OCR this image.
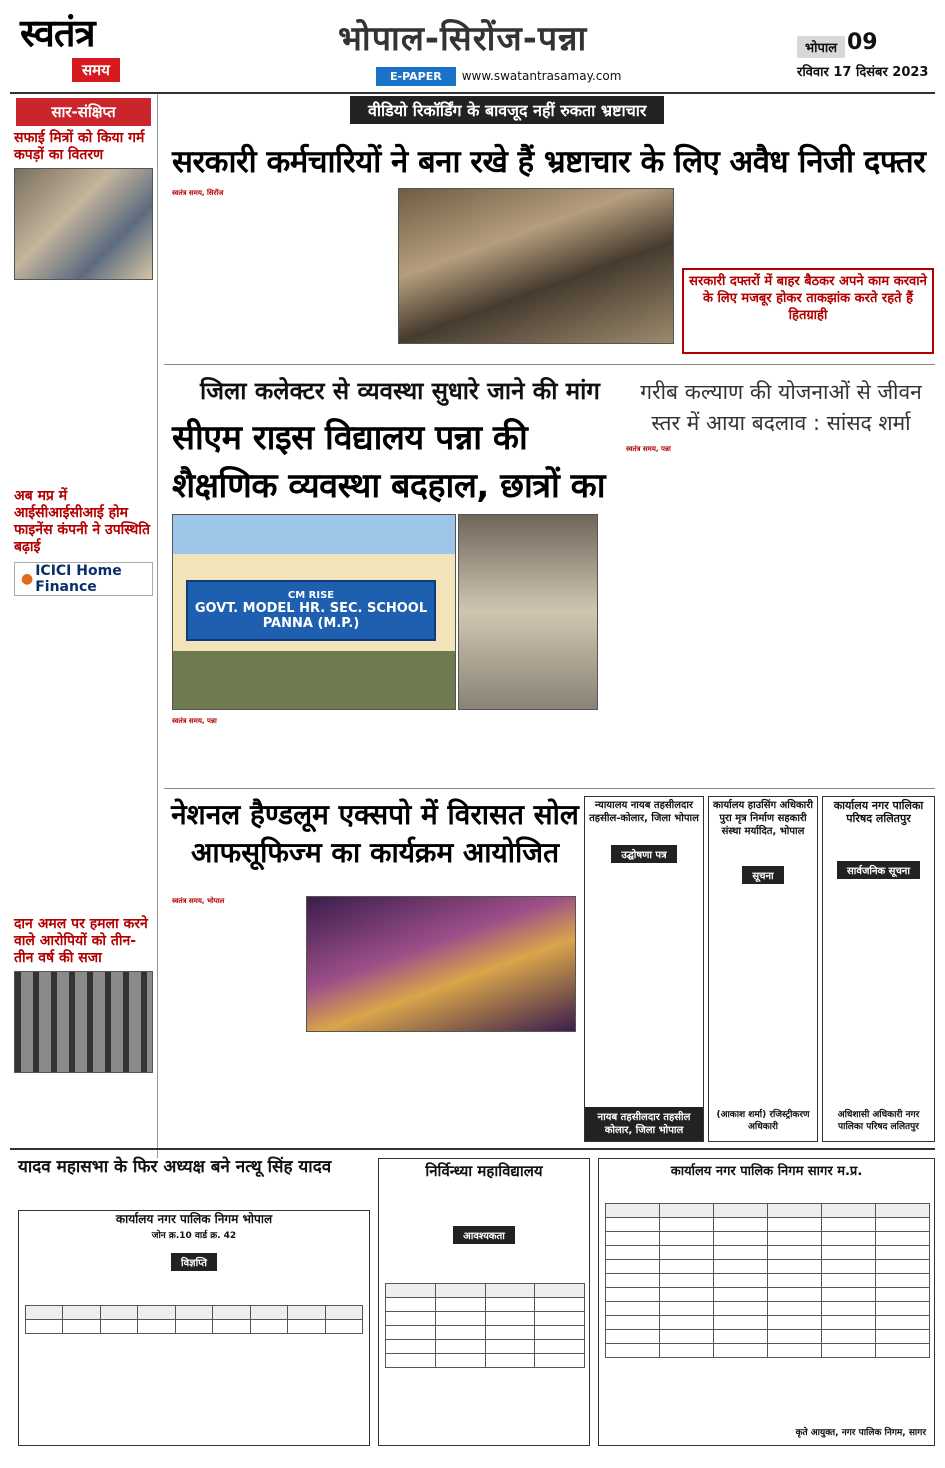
स्वतंत्र
समय
भोपाल-सिरोंज-पन्ना
E-PAPER	www.swatantrasamay.com
भोपाल 09
रविवार 17 दिसंबर 2023
सार-संक्षिप्त
सफाई मित्रों को किया गर्म कपड़ों का वितरण
अब मप्र में आईसीआईसीआई होम फाइनेंस कंपनी ने उपस्थिति बढ़ाई
● ICICI Home Finance
दान अमल पर हमला करने वाले आरोपियों को तीन-तीन वर्ष की सजा
वीडियो रिकॉर्डिंग के बावजूद नहीं रुकता भ्रष्टाचार
सरकारी कर्मचारियों ने बना रखे हैं भ्रष्टाचार के लिए अवैध निजी दफ्तर
स्वतंत्र समय, सिरोंज
सरकारी दफ्तरों में बाहर बैठकर अपने काम करवाने के लिए मजबूर होकर ताकझांक करते रहते हैं हितग्राही
जिला कलेक्टर से व्यवस्था सुधारे जाने की मांग
सीएम राइस विद्यालय पन्ना की शैक्षणिक व्यवस्था बदहाल, छात्रों का
CM RISE
GOVT. MODEL HR. SEC. SCHOOL PANNA (M.P.)
स्वतंत्र समय, पन्ना
गरीब कल्याण की योजनाओं से जीवन स्तर में आया बदलाव : सांसद शर्मा
स्वतंत्र समय, पन्ना
नेशनल हैण्डलूम एक्सपो में विरासत सोल आफसूफिज्म का कार्यक्रम आयोजित
स्वतंत्र समय, भोपाल
न्यायालय नायब तहसीलदार तहसील-कोलार, जिला भोपाल
उद्घोषणा पत्र
नायब तहसीलदार तहसील कोलार, जिला भोपाल
कार्यालय हाउसिंग अधिकारी पुरा मृत्र निर्माण सहकारी संस्था मर्यादित, भोपाल
सूचना
(आकाश शर्मा) रजिस्ट्रीकरण अधिकारी
कार्यालय नगर पालिका परिषद ललितपुर
सार्वजनिक सूचना
अधिशासी अधिकारी नगर पालिका परिषद ललितपुर
यादव महासभा के फिर अध्यक्ष बने नत्थू सिंह यादव
कार्यालय नगर पालिक निगम भोपाल
जोन क्र.10 वार्ड क्र. 42
विज्ञप्ति

निर्विन्ध्या महाविद्यालय
आवश्यकता

कार्यालय नगर पालिक निगम सागर म.प्र.

कृते आयुक्त, नगर पालिक निगम, सागर
